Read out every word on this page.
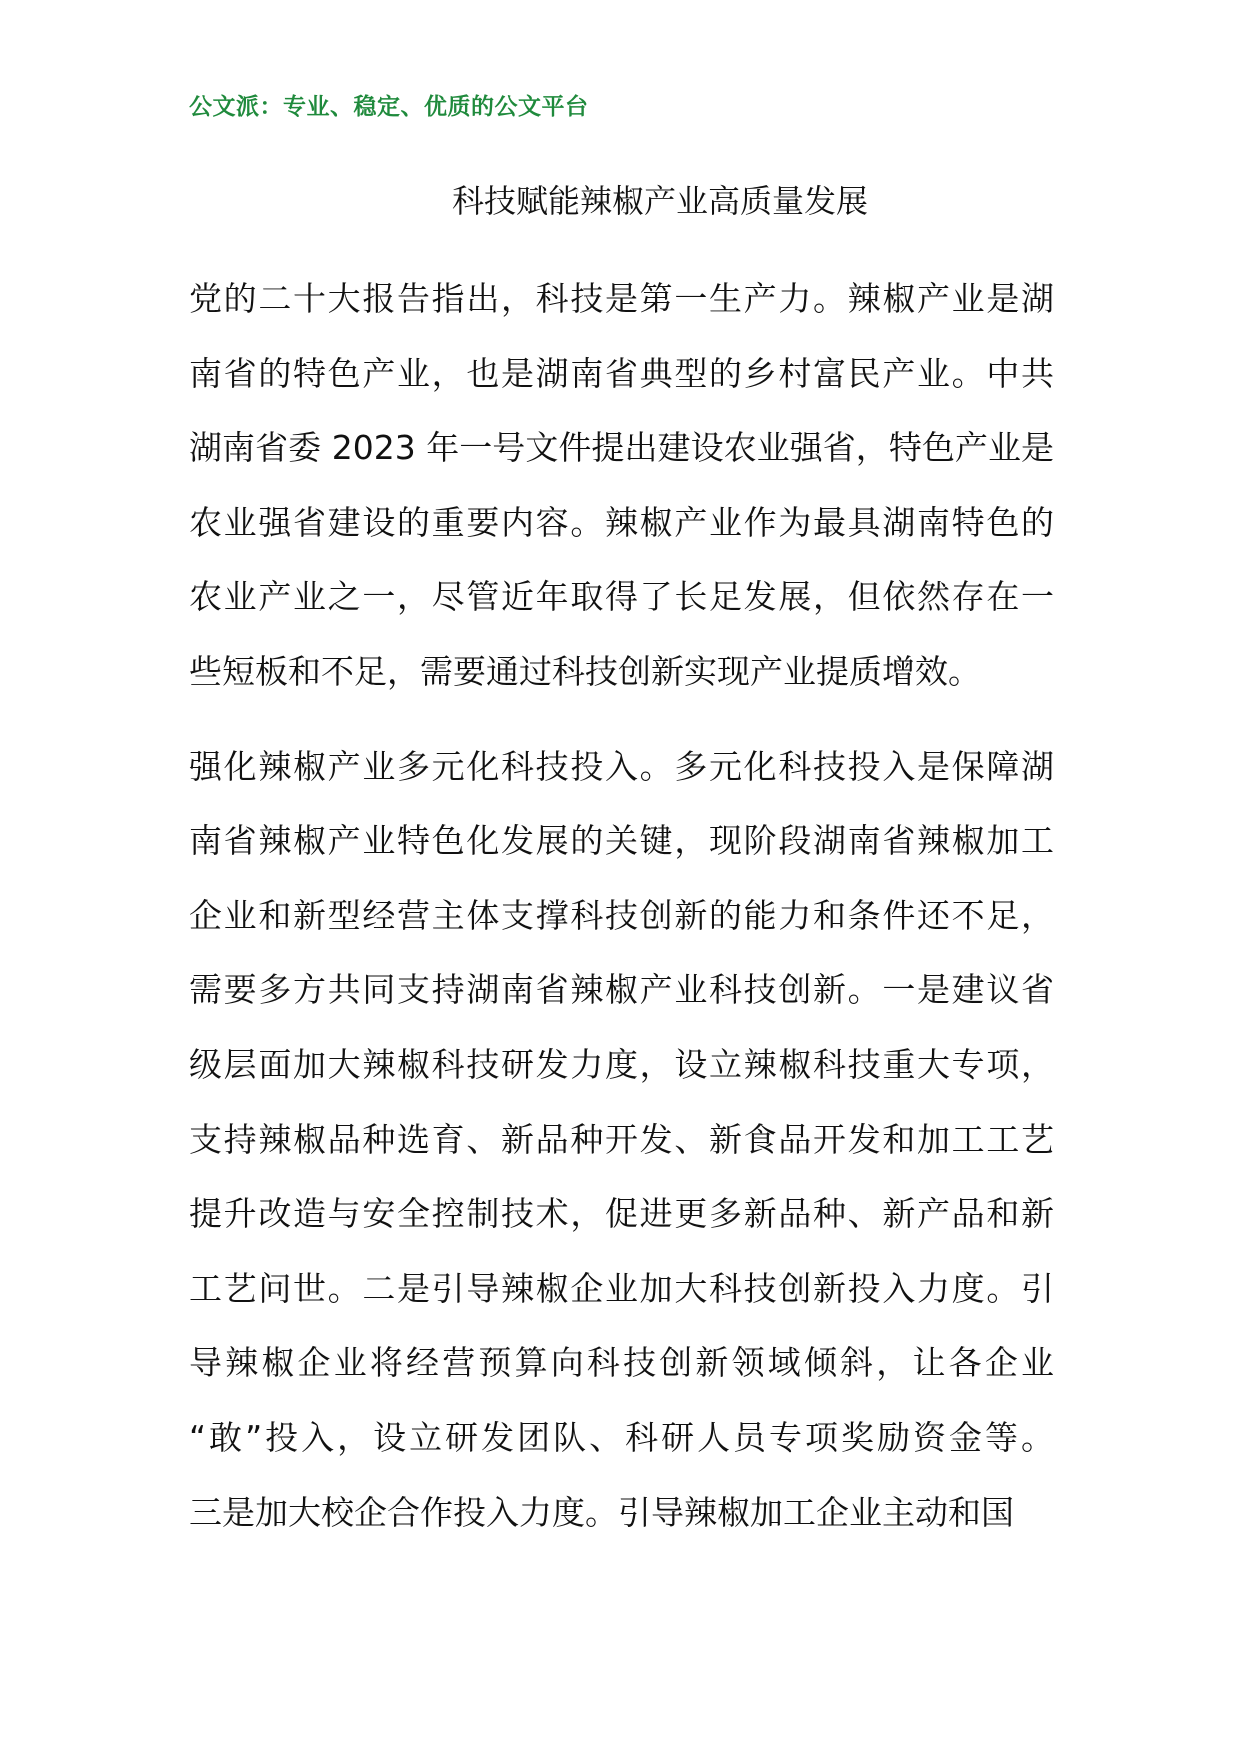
公文派：专业、稳定、优质的公文平台
科技赋能辣椒产业高质量发展
党的二十大报告指出，科技是第一生产力。辣椒产业是湖
南省的特色产业，也是湖南省典型的乡村富民产业。中共
湖南省委 2023 年一号文件提出建设农业强省，特色产业是
农业强省建设的重要内容。辣椒产业作为最具湖南特色的
农业产业之一，尽管近年取得了长足发展，但依然存在一
些短板和不足，需要通过科技创新实现产业提质增效。
强化辣椒产业多元化科技投入。多元化科技投入是保障湖
南省辣椒产业特色化发展的关键，现阶段湖南省辣椒加工
企业和新型经营主体支撑科技创新的能力和条件还不足，
需要多方共同支持湖南省辣椒产业科技创新。一是建议省
级层面加大辣椒科技研发力度，设立辣椒科技重大专项，
支持辣椒品种选育、新品种开发、新食品开发和加工工艺
提升改造与安全控制技术，促进更多新品种、新产品和新
工艺问世。二是引导辣椒企业加大科技创新投入力度。引
导辣椒企业将经营预算向科技创新领域倾斜，让各企业
“敢”投入，设立研发团队、科研人员专项奖励资金等。
三是加大校企合作投入力度。引导辣椒加工企业主动和国
